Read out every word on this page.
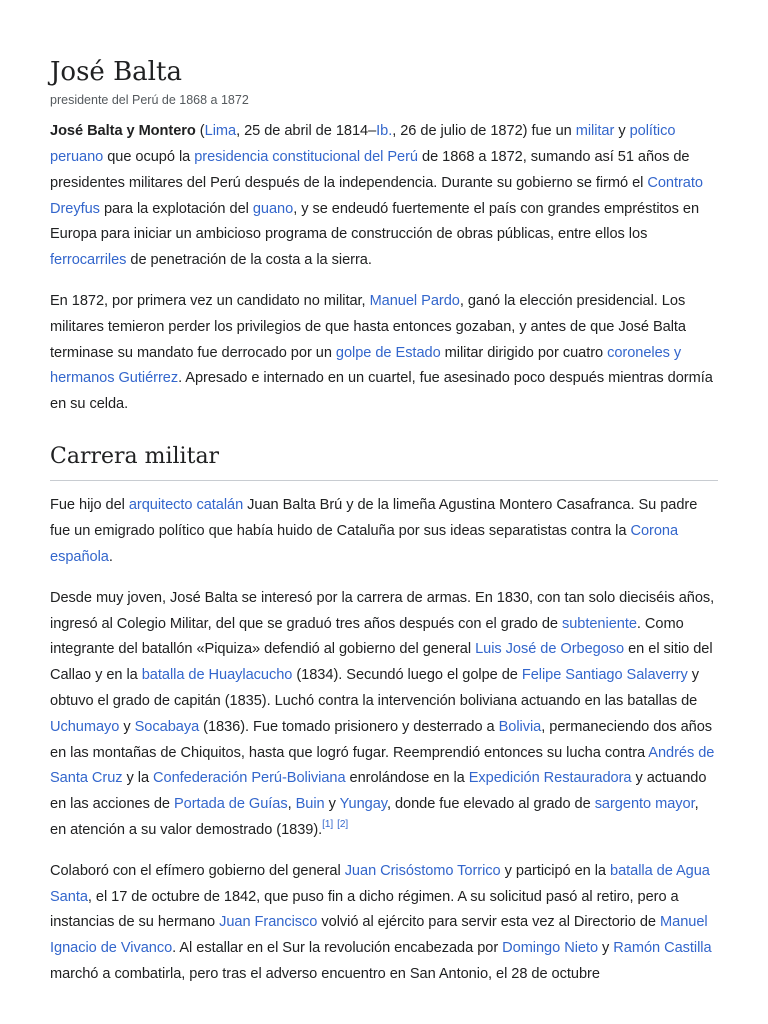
José Balta
presidente del Perú de 1868 a 1872

José Balta y Montero (Lima, 25 de abril de 1814–Ib., 26 de julio de 1872) fue un militar y político peruano que ocupó la presidencia constitucional del Perú de 1868 a 1872, sumando así 51 años de presidentes militares del Perú después de la independencia. Durante su gobierno se firmó el Contrato Dreyfus para la explotación del guano, y se endeudó fuertemente el país con grandes empréstitos en Europa para iniciar un ambicioso programa de construcción de obras públicas, entre ellos los ferrocarriles de penetración de la costa a la sierra.

En 1872, por primera vez un candidato no militar, Manuel Pardo, ganó la elección presidencial. Los militares temieron perder los privilegios de que hasta entonces gozaban, y antes de que José Balta terminase su mandato fue derrocado por un golpe de Estado militar dirigido por cuatro coroneles y hermanos Gutiérrez. Apresado e internado en un cuartel, fue asesinado poco después mientras dormía en su celda.

Carrera militar

Fue hijo del arquitecto catalán Juan Balta Brú y de la limeña Agustina Montero Casafranca. Su padre fue un emigrado político que había huido de Cataluña por sus ideas separatistas contra la Corona española.

Desde muy joven, José Balta se interesó por la carrera de armas. En 1830, con tan solo dieciséis años, ingresó al Colegio Militar, del que se graduó tres años después con el grado de subteniente. Como integrante del batallón «Piquiza» defendió al gobierno del general Luis José de Orbegoso en el sitio del Callao y en la batalla de Huaylacucho (1834). Secundó luego el golpe de Felipe Santiago Salaverry y obtuvo el grado de capitán (1835). Luchó contra la intervención boliviana actuando en las batallas de Uchumayo y Socabaya (1836). Fue tomado prisionero y desterrado a Bolivia, permaneciendo dos años en las montañas de Chiquitos, hasta que logró fugar. Reemprendió entonces su lucha contra Andrés de Santa Cruz y la Confederación Perú-Boliviana enrolándose en la Expedición Restauradora y actuando en las acciones de Portada de Guías, Buin y Yungay, donde fue elevado al grado de sargento mayor, en atención a su valor demostrado (1839).[1] [2]

Colaboró con el efímero gobierno del general Juan Crisóstomo Torrico y participó en la batalla de Agua Santa, el 17 de octubre de 1842, que puso fin a dicho régimen. A su solicitud pasó al retiro, pero a instancias de su hermano Juan Francisco volvió al ejército para servir esta vez al Directorio de Manuel Ignacio de Vivanco. Al estallar en el Sur la revolución encabezada por Domingo Nieto y Ramón Castilla marchó a combatirla, pero tras el adverso encuentro en San Antonio, el 28 de octubre
